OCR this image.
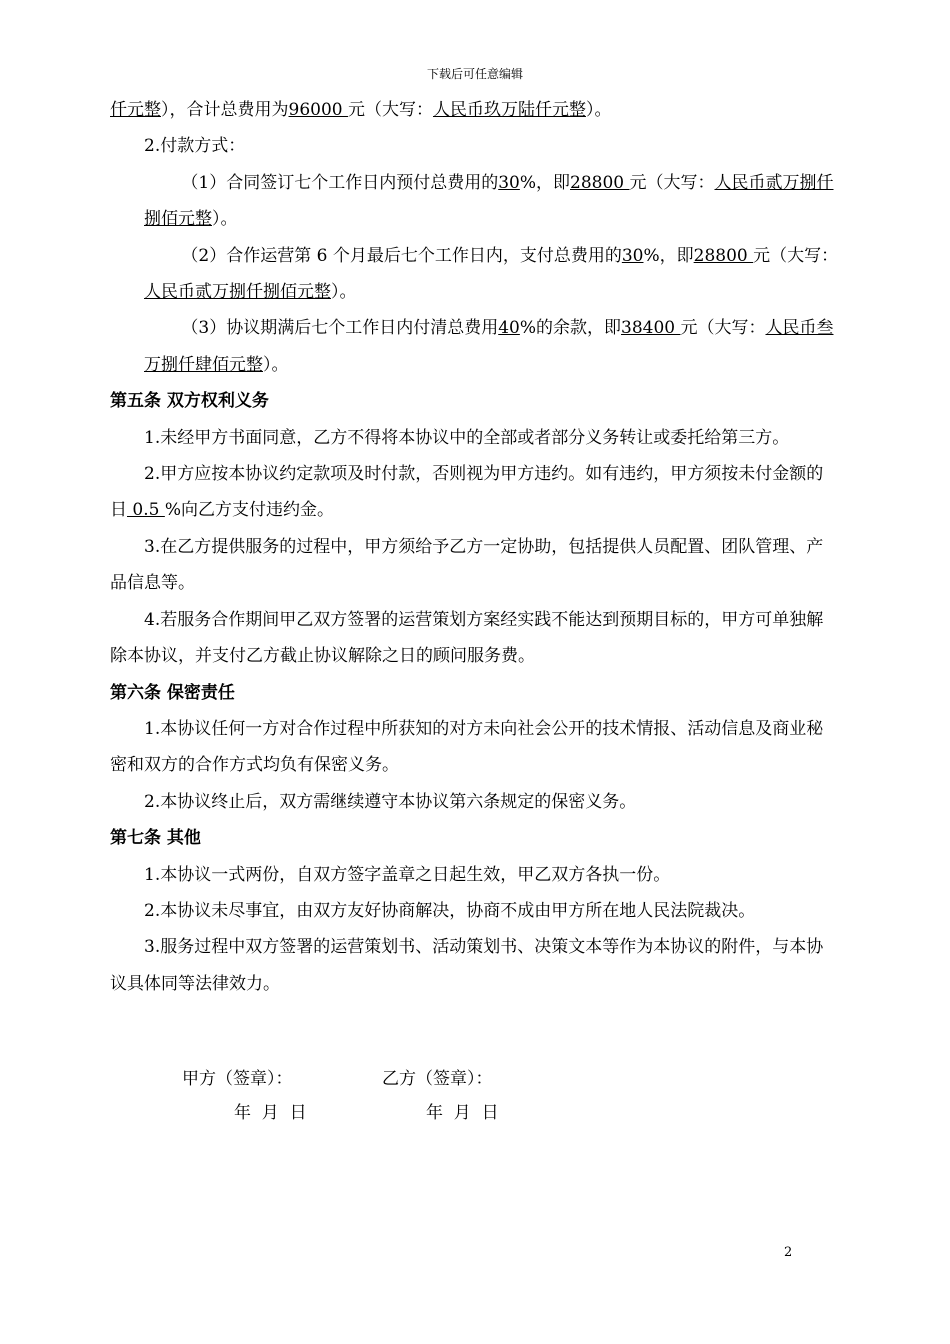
下载后可任意编辑

仟元整），合计总费用为96000 元（大写：人民币玖万陆仟元整）。

2.付款方式：

（1）合同签订七个工作日内预付总费用的30%，即28800 元（大写：人民币贰万捌仟捌佰元整）。

（2）合作运营第 6 个月最后七个工作日内，支付总费用的30%，即28800 元（大写：人民币贰万捌仟捌佰元整）。

（3）协议期满后七个工作日内付清总费用40%的余款，即38400 元（大写：人民币叁万捌仟肆佰元整）。

第五条 双方权利义务

1.未经甲方书面同意，乙方不得将本协议中的全部或者部分义务转让或委托给第三方。

2.甲方应按本协议约定款项及时付款，否则视为甲方违约。如有违约，甲方须按未付金额的日 0.5 %向乙方支付违约金。

3.在乙方提供服务的过程中，甲方须给予乙方一定协助，包括提供人员配置、团队管理、产品信息等。

4.若服务合作期间甲乙双方签署的运营策划方案经实践不能达到预期目标的，甲方可单独解除本协议，并支付乙方截止协议解除之日的顾问服务费。

第六条 保密责任

1.本协议任何一方对合作过程中所获知的对方未向社会公开的技术情报、活动信息及商业秘密和双方的合作方式均负有保密义务。

2.本协议终止后，双方需继续遵守本协议第六条规定的保密义务。

第七条 其他

1.本协议一式两份，自双方签字盖章之日起生效，甲乙双方各执一份。

2.本协议未尽事宜，由双方友好协商解决，协商不成由甲方所在地人民法院裁决。

3.服务过程中双方签署的运营策划书、活动策划书、决策文本等作为本协议的附件，与本协议具体同等法律效力。

甲方（签章）：	乙方（签章）：
年  月  日	年  月  日
2
